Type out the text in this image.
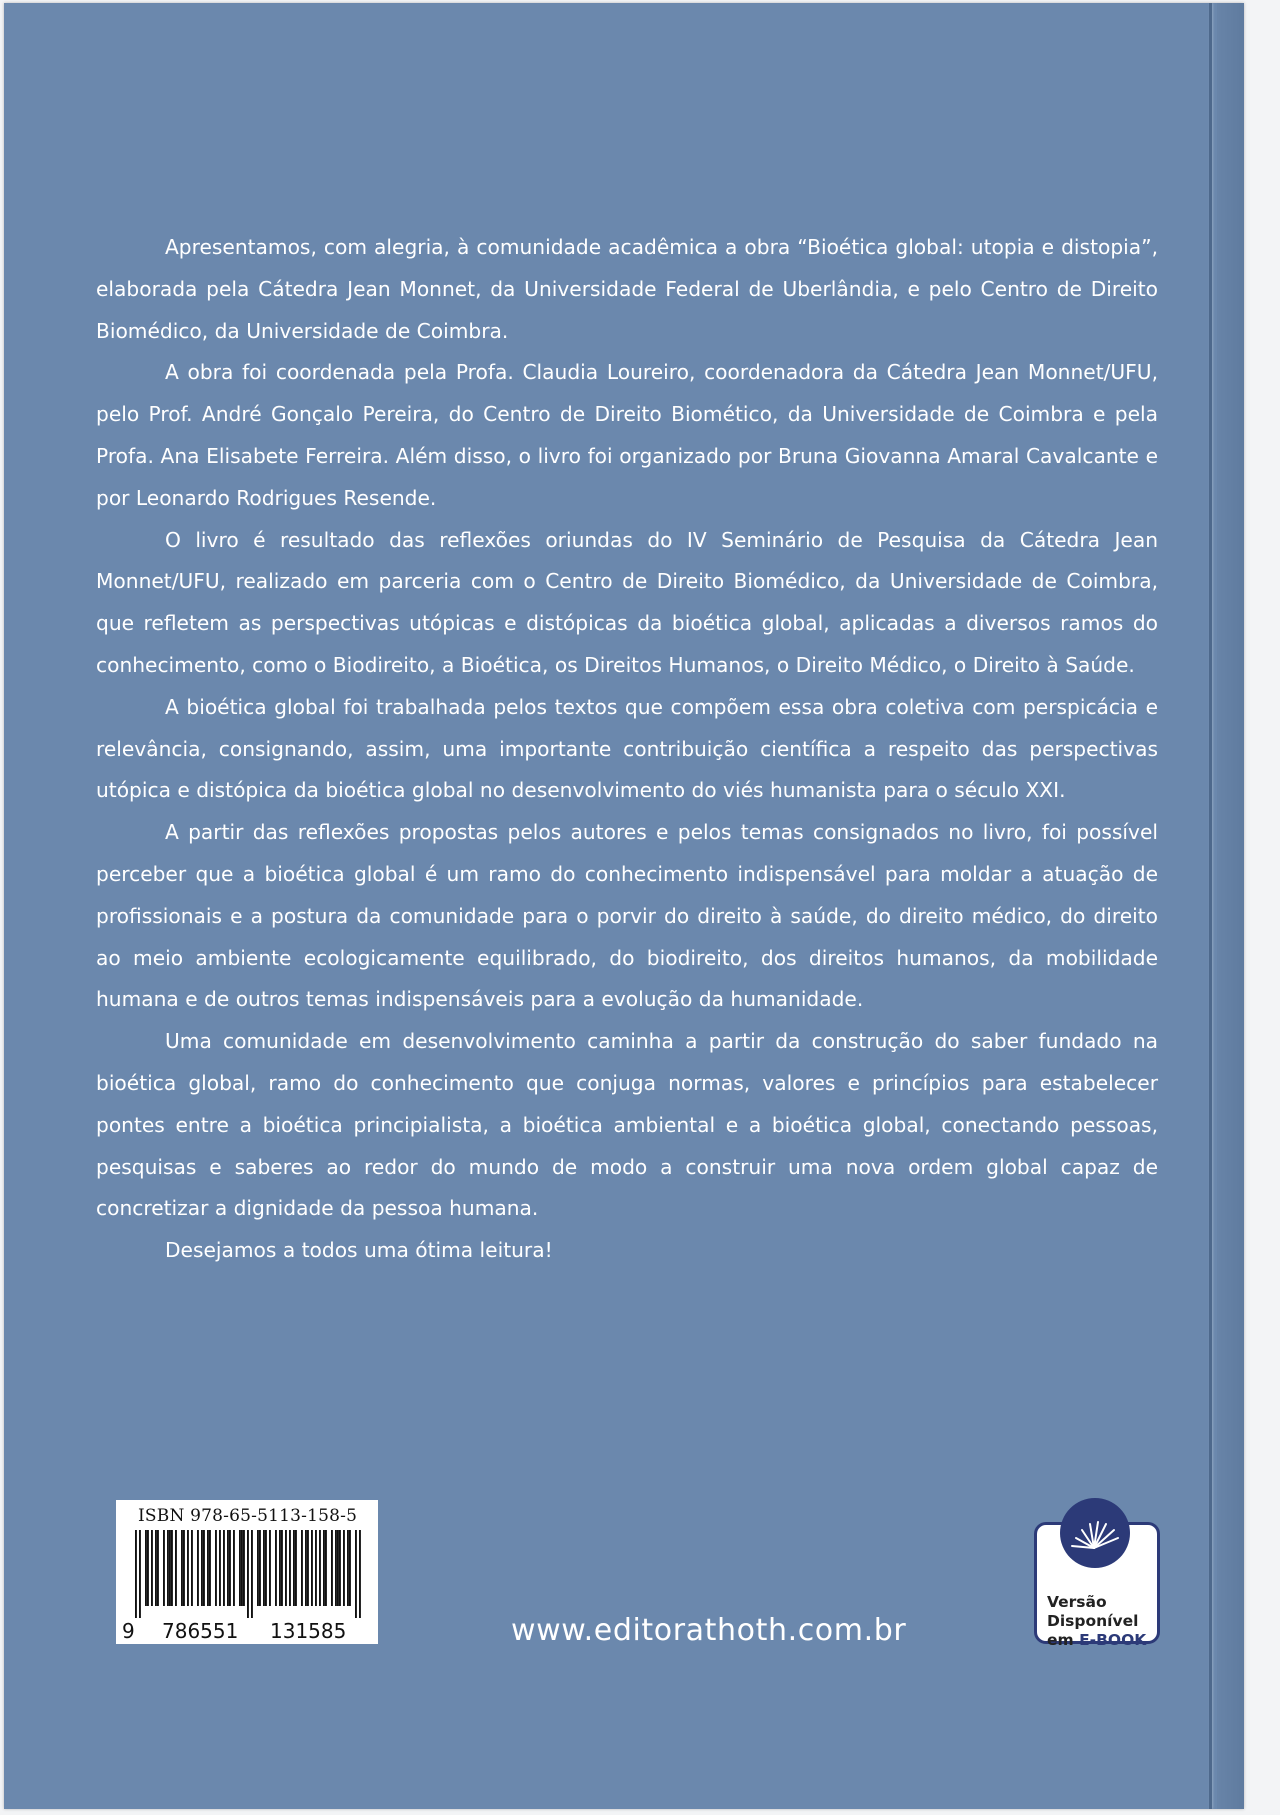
Apresentamos, com alegria, à comunidade acadêmica a obra “Bioética global: utopia e distopia”, elaborada pela Cátedra Jean Monnet, da Universidade Federal de Uberlândia, e pelo Centro de Direito Biomédico, da Universidade de Coimbra.

A obra foi coordenada pela Profa. Claudia Loureiro, coordenadora da Cátedra Jean Monnet/UFU, pelo Prof. André Gonçalo Pereira, do Centro de Direito Biomético, da Universidade de Coimbra e pela Profa. Ana Elisabete Ferreira. Além disso, o livro foi organizado por Bruna Giovanna Amaral Cavalcante e por Leonardo Rodrigues Resende.

O livro é resultado das reflexões oriundas do IV Seminário de Pesquisa da Cátedra Jean Monnet/UFU, realizado em parceria com o Centro de Direito Biomédico, da Universidade de Coimbra, que refletem as perspectivas utópicas e distópicas da bioética global, aplicadas a diversos ramos do conhecimento, como o Biodireito, a Bioética, os Direitos Humanos, o Direito Médico, o Direito à Saúde.

A bioética global foi trabalhada pelos textos que compõem essa obra coletiva com perspicácia e relevância, consignando, assim, uma importante contribuição científica a respeito das perspectivas utópica e distópica da bioética global no desenvolvimento do viés humanista para o século XXI.

A partir das reflexões propostas pelos autores e pelos temas consignados no livro, foi possível perceber que a bioética global é um ramo do conhecimento indispensável para moldar a atuação de profissionais e a postura da comunidade para o porvir do direito à saúde, do direito médico, do direito ao meio ambiente ecologicamente equilibrado, do biodireito, dos direitos humanos, da mobilidade humana e de outros temas indispensáveis para a evolução da humanidade.

Uma comunidade em desenvolvimento caminha a partir da construção do saber fundado na bioética global, ramo do conhecimento que conjuga normas, valores e princípios para estabelecer pontes entre a bioética principialista, a bioética ambiental e a bioética global, conectando pessoas, pesquisas e saberes ao redor do mundo de modo a construir uma nova ordem global capaz de concretizar a dignidade da pessoa humana.

Desejamos a todos uma ótima leitura!

ISBN 978-65-5113-158-5
9 786551 131585	www.editorathoth.com.br
Versão
Disponível
em E-BOOK
